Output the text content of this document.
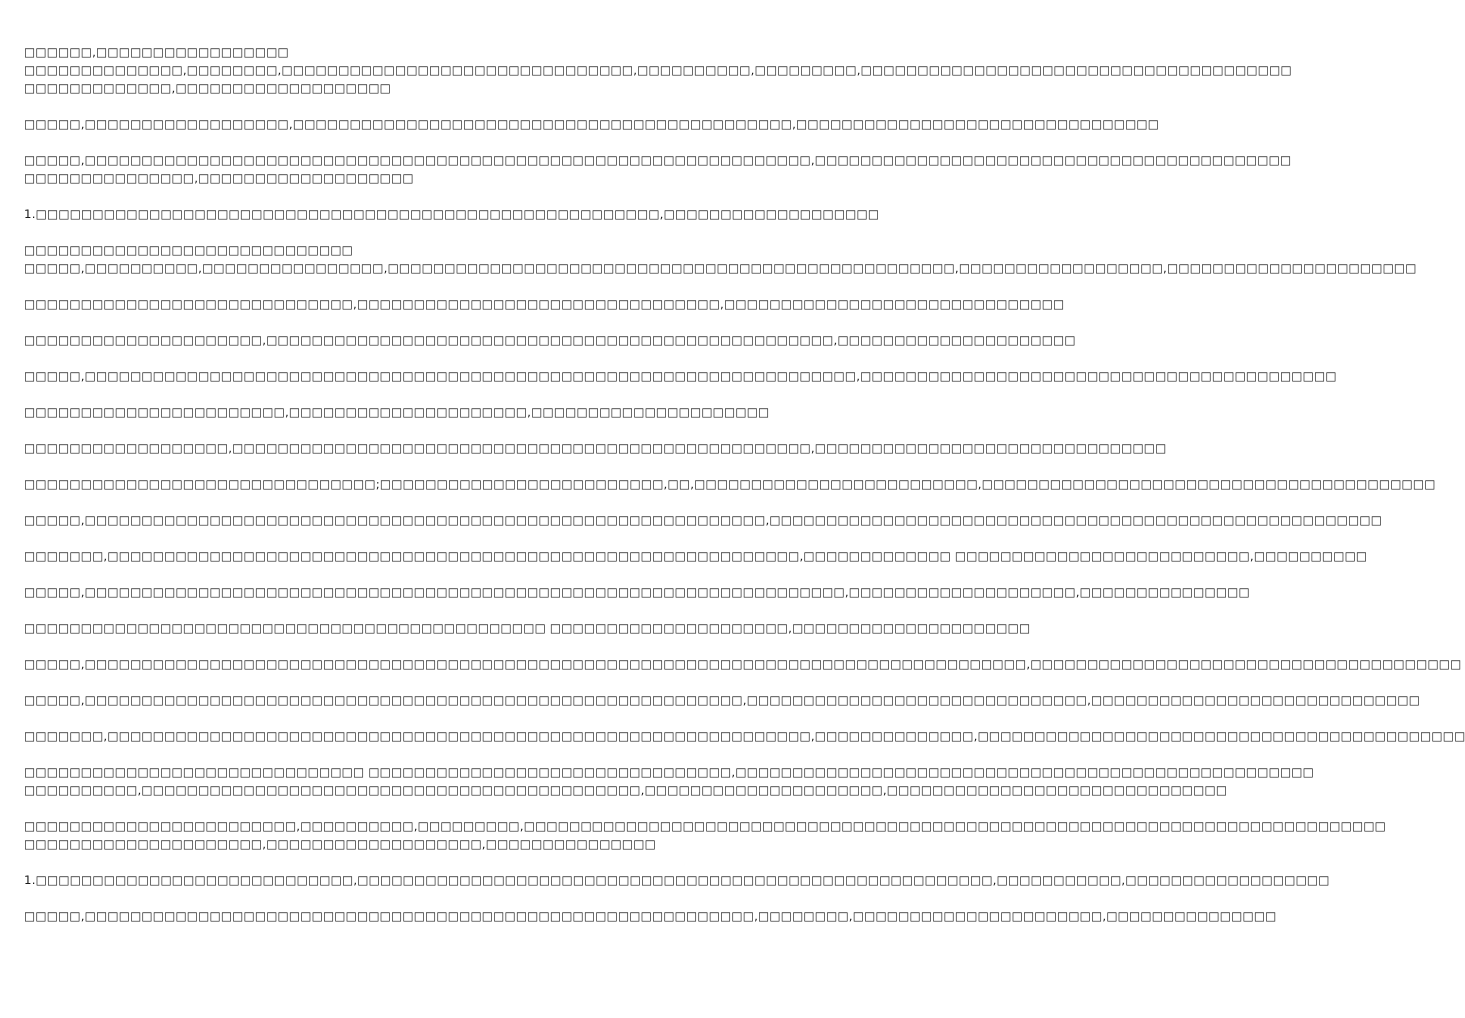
□□□□□□,□□□□□□□□□□□□□□□□□
□□□□□□□□□□□□□□,□□□□□□□□,□□□□□□□□□□□□□□□□□□□□□□□□□□□□□□□,□□□□□□□□□□,□□□□□□□□□,□□□□□□□□□□□□□□□□□□□□□□□□□□□□□□□□□□□□□□
□□□□□□□□□□□□□,□□□□□□□□□□□□□□□□□□□

□□□□□,□□□□□□□□□□□□□□□□□□,□□□□□□□□□□□□□□□□□□□□□□□□□□□□□□□□□□□□□□□□□□□□,□□□□□□□□□□□□□□□□□□□□□□□□□□□□□□□□

□□□□□,□□□□□□□□□□□□□□□□□□□□□□□□□□□□□□□□□□□□□□□□□□□□□□□□□□□□□□□□□□□□□□□□,□□□□□□□□□□□□□□□□□□□□□□□□□□□□□□□□□□□□□□□□□□
□□□□□□□□□□□□□□□,□□□□□□□□□□□□□□□□□□□

1.□□□□□□□□□□□□□□□□□□□□□□□□□□□□□□□□□□□□□□□□□□□□□□□□□□□□□□□,□□□□□□□□□□□□□□□□□□□

□□□□□□□□□□□□□□□□□□□□□□□□□□□□□
□□□□□,□□□□□□□□□□,□□□□□□□□□□□□□□□□,□□□□□□□□□□□□□□□□□□□□□□□□□□□□□□□□□□□□□□□□□□□□□□□□□□,□□□□□□□□□□□□□□□□□□,□□□□□□□□□□□□□□□□□□□□□□

□□□□□□□□□□□□□□□□□□□□□□□□□□□□□,□□□□□□□□□□□□□□□□□□□□□□□□□□□□□□□□,□□□□□□□□□□□□□□□□□□□□□□□□□□□□□□

□□□□□□□□□□□□□□□□□□□□□,□□□□□□□□□□□□□□□□□□□□□□□□□□□□□□□□□□□□□□□□□□□□□□□□□□,□□□□□□□□□□□□□□□□□□□□□

□□□□□,□□□□□□□□□□□□□□□□□□□□□□□□□□□□□□□□□□□□□□□□□□□□□□□□□□□□□□□□□□□□□□□□□□□□,□□□□□□□□□□□□□□□□□□□□□□□□□□□□□□□□□□□□□□□□□□

□□□□□□□□□□□□□□□□□□□□□□□,□□□□□□□□□□□□□□□□□□□□□,□□□□□□□□□□□□□□□□□□□□□

□□□□□□□□□□□□□□□□□□,□□□□□□□□□□□□□□□□□□□□□□□□□□□□□□□□□□□□□□□□□□□□□□□□□□□,□□□□□□□□□□□□□□□□□□□□□□□□□□□□□□□

□□□□□□□□□□□□□□□□□□□□□□□□□□□□□□□;□□□□□□□□□□□□□□□□□□□□□□□□□,□□,□□□□□□□□□□□□□□□□□□□□□□□□□,□□□□□□□□□□□□□□□□□□□□□□□□□□□□□□□□□□□□□□□□

□□□□□,□□□□□□□□□□□□□□□□□□□□□□□□□□□□□□□□□□□□□□□□□□□□□□□□□□□□□□□□□□□□,□□□□□□□□□□□□□□□□□□□□□□□□□□□□□□□□□□□□□□□□□□□□□□□□□□□□□□

□□□□□□□,□□□□□□□□□□□□□□□□□□□□□□□□□□□□□□□□□□□□□□□□□□□□□□□□□□□□□□□□□□□□□,□□□□□□□□□□□□□ □□□□□□□□□□□□□□□□□□□□□□□□□□,□□□□□□□□□□

□□□□□,□□□□□□□□□□□□□□□□□□□□□□□□□□□□□□□□□□□□□□□□□□□□□□□□□□□□□□□□□□□□□□□□□□□,□□□□□□□□□□□□□□□□□□□□,□□□□□□□□□□□□□□□

□□□□□□□□□□□□□□□□□□□□□□□□□□□□□□□□□□□□□□□□□□□□□□ □□□□□□□□□□□□□□□□□□□□□,□□□□□□□□□□□□□□□□□□□□□

□□□□□,□□□□□□□□□□□□□□□□□□□□□□□□□□□□□□□□□□□□□□□□□□□□□□□□□□□□□□□□□□□□□□□□□□□□□□□□□□□□□□□□□□□,□□□□□□□□□□□□□□□□□□□□□□□□□□□□□□□□□□□□□□

□□□□□,□□□□□□□□□□□□□□□□□□□□□□□□□□□□□□□□□□□□□□□□□□□□□□□□□□□□□□□□□□,□□□□□□□□□□□□□□□□□□□□□□□□□□□□□□,□□□□□□□□□□□□□□□□□□□□□□□□□□□□□

□□□□□□□,□□□□□□□□□□□□□□□□□□□□□□□□□□□□□□□□□□□□□□□□□□□□□□□□□□□□□□□□□□□□□□,□□□□□□□□□□□□□□,□□□□□□□□□□□□□□□□□□□□□□□□□□□□□□□□□□□□□□□□□□□

□□□□□□□□□□□□□□□□□□□□□□□□□□□□□□ □□□□□□□□□□□□□□□□□□□□□□□□□□□□□□□□,□□□□□□□□□□□□□□□□□□□□□□□□□□□□□□□□□□□□□□□□□□□□□□□□□□□
□□□□□□□□□□,□□□□□□□□□□□□□□□□□□□□□□□□□□□□□□□□□□□□□□□□□□□□,□□□□□□□□□□□□□□□□□□□□□,□□□□□□□□□□□□□□□□□□□□□□□□□□□□□□

□□□□□□□□□□□□□□□□□□□□□□□□,□□□□□□□□□□,□□□□□□□□□,□□□□□□□□□□□□□□□□□□□□□□□□□□□□□□□□□□□□□□□□□□□□□□□□□□□□□□□□□□□□□□□□□□□□□□□□□□□□
□□□□□□□□□□□□□□□□□□□□□,□□□□□□□□□□□□□□□□□□□,□□□□□□□□□□□□□□□

1.□□□□□□□□□□□□□□□□□□□□□□□□□□□□,□□□□□□□□□□□□□□□□□□□□□□□□□□□□□□□□□□□□□□□□□□□□□□□□□□□□□□□□,□□□□□□□□□□□,□□□□□□□□□□□□□□□□□□

□□□□□,□□□□□□□□□□□□□□□□□□□□□□□□□□□□□□□□□□□□□□□□□□□□□□□□□□□□□□□□□□□,□□□□□□□□,□□□□□□□□□□□□□□□□□□□□□□,□□□□□□□□□□□□□□□
